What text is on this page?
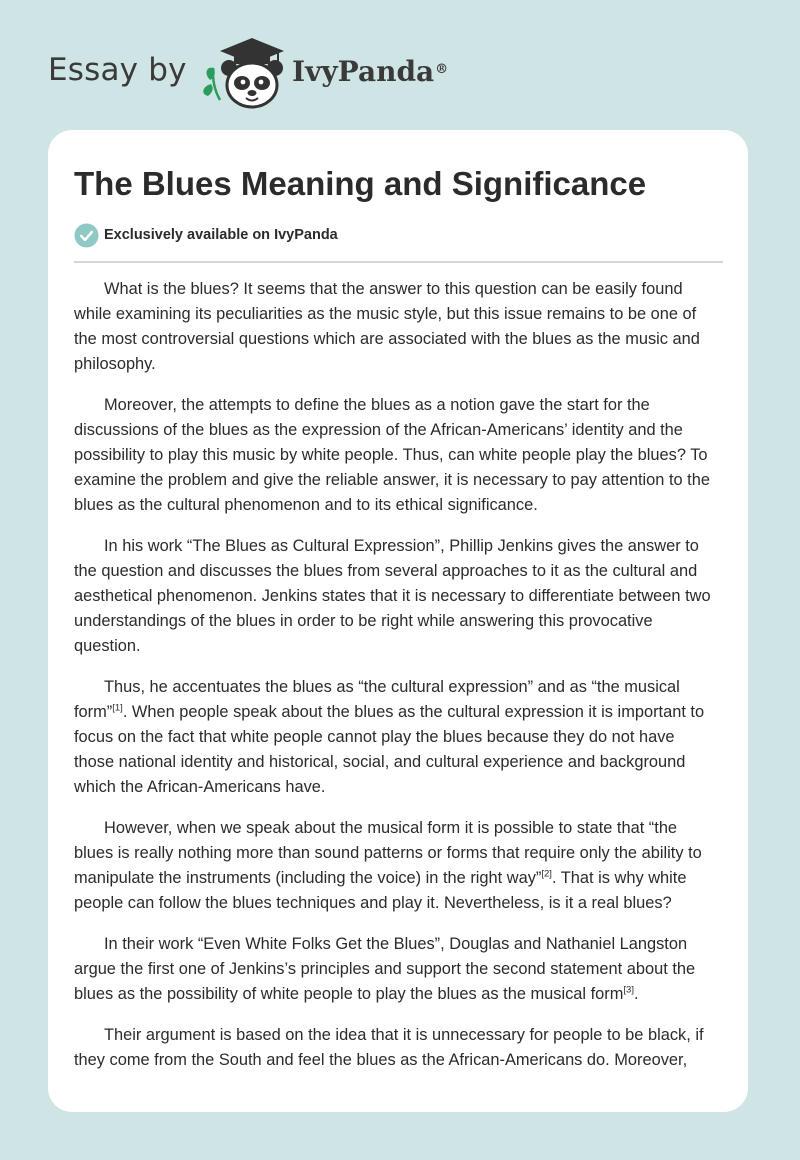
Essay by	IvyPanda®
The Blues Meaning and Significance
Exclusively available on IvyPanda

What is the blues? It seems that the answer to this question can be easily found
while examining its peculiarities as the music style, but this issue remains to be one of
the most controversial questions which are associated with the blues as the music and
philosophy.

Moreover, the attempts to define the blues as a notion gave the start for the
discussions of the blues as the expression of the African-Americans’ identity and the
possibility to play this music by white people. Thus, can white people play the blues? To
examine the problem and give the reliable answer, it is necessary to pay attention to the
blues as the cultural phenomenon and to its ethical significance.

In his work “The Blues as Cultural Expression”, Phillip Jenkins gives the answer to
the question and discusses the blues from several approaches to it as the cultural and
aesthetical phenomenon. Jenkins states that it is necessary to differentiate between two
understandings of the blues in order to be right while answering this provocative
question.

Thus, he accentuates the blues as “the cultural expression” and as “the musical
form”[1]. When people speak about the blues as the cultural expression it is important to
focus on the fact that white people cannot play the blues because they do not have
those national identity and historical, social, and cultural experience and background
which the African-Americans have.

However, when we speak about the musical form it is possible to state that “the
blues is really nothing more than sound patterns or forms that require only the ability to
manipulate the instruments (including the voice) in the right way”[2]. That is why white
people can follow the blues techniques and play it. Nevertheless, is it a real blues?

In their work “Even White Folks Get the Blues”, Douglas and Nathaniel Langston
argue the first one of Jenkins’s principles and support the second statement about the
blues as the possibility of white people to play the blues as the musical form[3].

Their argument is based on the idea that it is unnecessary for people to be black, if
they come from the South and feel the blues as the African-Americans do. Moreover,
